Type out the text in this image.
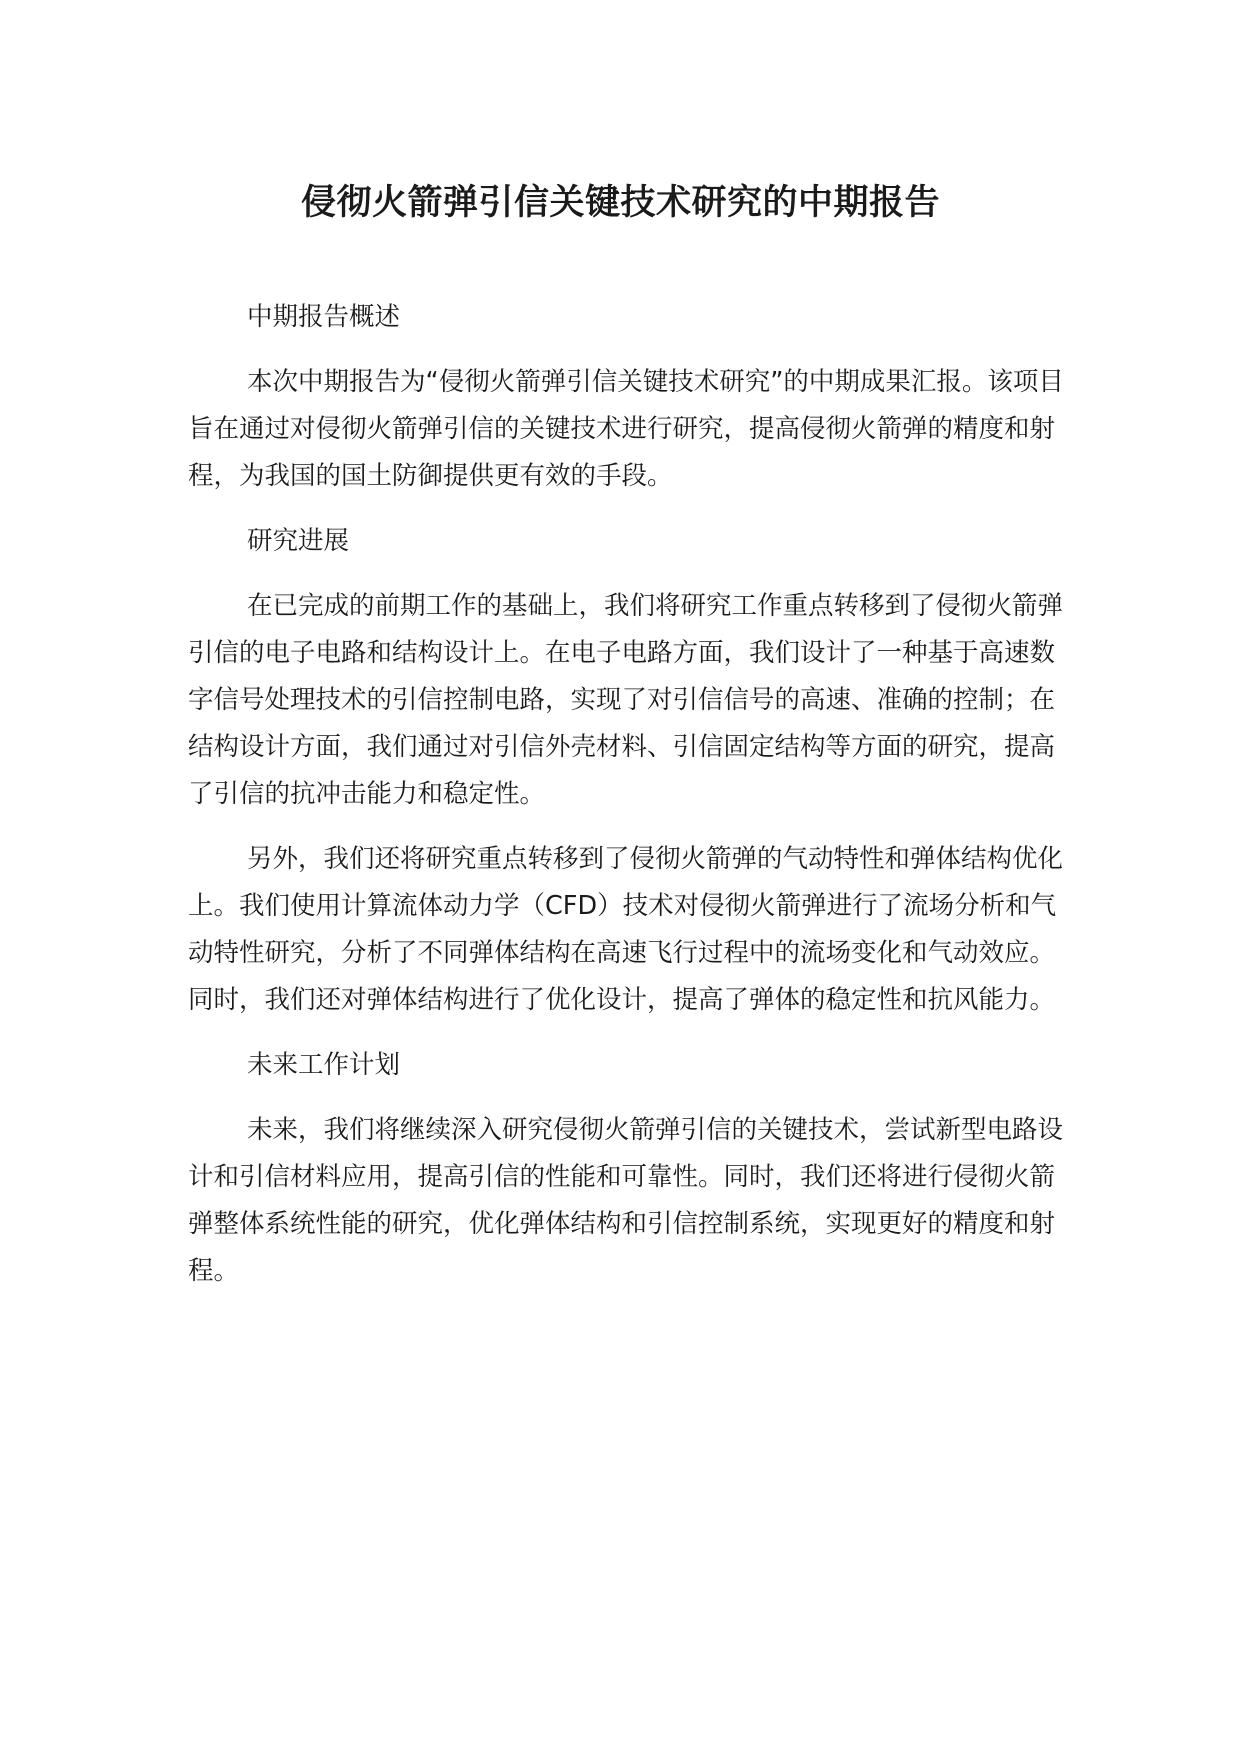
侵彻火箭弹引信关键技术研究的中期报告
中期报告概述

本次中期报告为“侵彻火箭弹引信关键技术研究”的中期成果汇报。该项目旨在通过对侵彻火箭弹引信的关键技术进行研究，提高侵彻火箭弹的精度和射程，为我国的国土防御提供更有效的手段。

研究进展

在已完成的前期工作的基础上，我们将研究工作重点转移到了侵彻火箭弹引信的电子电路和结构设计上。在电子电路方面，我们设计了一种基于高速数字信号处理技术的引信控制电路，实现了对引信信号的高速、准确的控制；在结构设计方面，我们通过对引信外壳材料、引信固定结构等方面的研究，提高了引信的抗冲击能力和稳定性。

另外，我们还将研究重点转移到了侵彻火箭弹的气动特性和弹体结构优化上。我们使用计算流体动力学（CFD）技术对侵彻火箭弹进行了流场分析和气动特性研究，分析了不同弹体结构在高速飞行过程中的流场变化和气动效应。同时，我们还对弹体结构进行了优化设计，提高了弹体的稳定性和抗风能力。

未来工作计划

未来，我们将继续深入研究侵彻火箭弹引信的关键技术，尝试新型电路设计和引信材料应用，提高引信的性能和可靠性。同时，我们还将进行侵彻火箭弹整体系统性能的研究，优化弹体结构和引信控制系统，实现更好的精度和射程。
